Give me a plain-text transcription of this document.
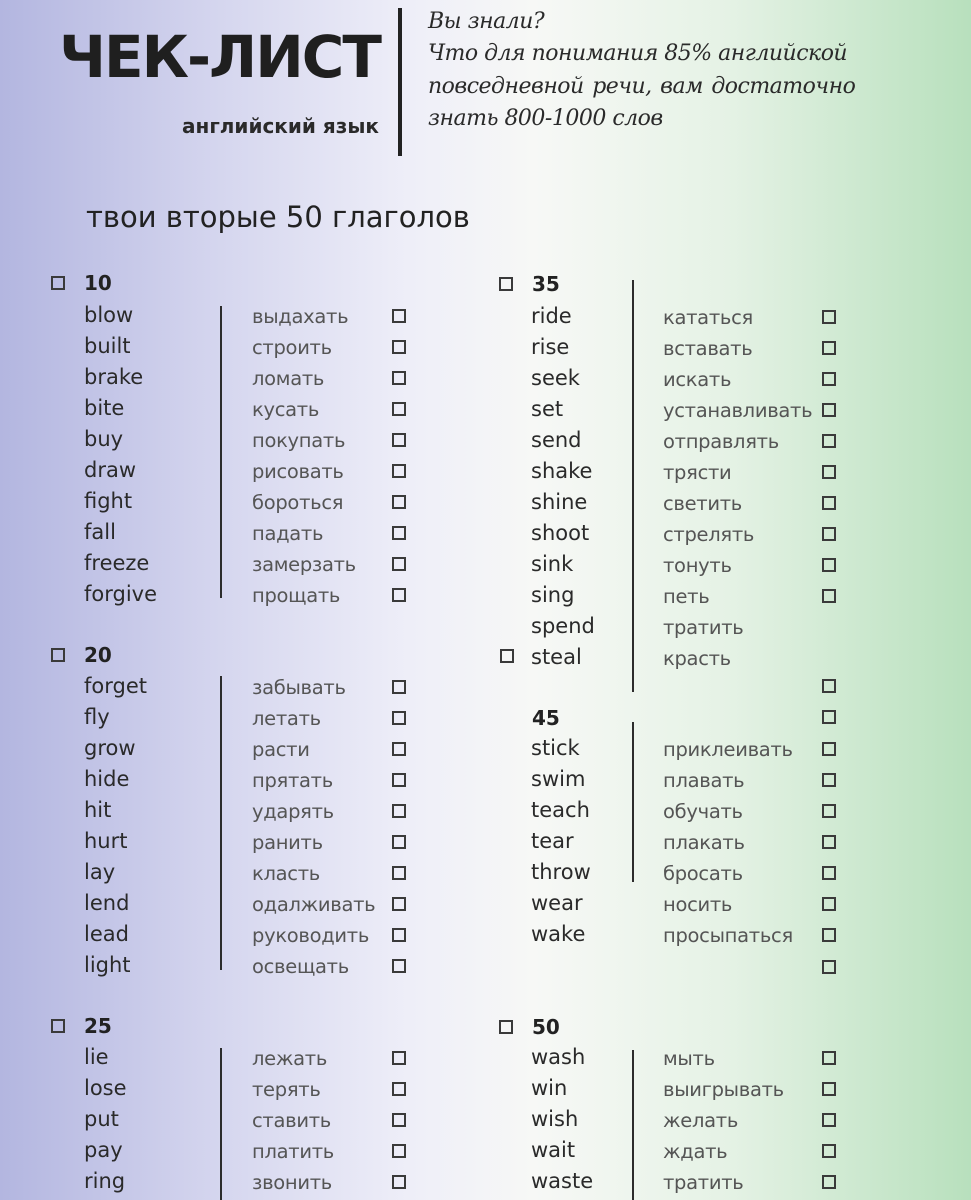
ЧЕК-ЛИСТ
английский язык
Вы знали?
Что для понимания 85% английской
повседневной речи, вам достаточно
знать 800-1000 слов
твои вторые 50 глаголов
10
blow	выдахать
built	строить
brake	ломать
bite	кусать
buy	покупать
draw	рисовать
fight	бороться
fall	падать
freeze	замерзать
forgive	прощать
20
forget	забывать
fly	летать
grow	расти
hide	прятать
hit	ударять
hurt	ранить
lay	класть
lend	одалживать
lead	руководить
light	освещать
25
lie	лежать
lose	терять
put	ставить
pay	платить
ring	звонить
35
ride	кататься
rise	вставать
seek	искать
set	устанавливать
send	отправлять
shake	трясти
shine	светить
shoot	стрелять
sink	тонуть
sing	петь
spend	тратить
steal	красть
45
stick	приклеивать
swim	плавать
teach	обучать
tear	плакать
throw	бросать
wear	носить
wake	просыпаться
50
wash	мыть
win	выигрывать
wish	желать
wait	ждать
waste	тратить
